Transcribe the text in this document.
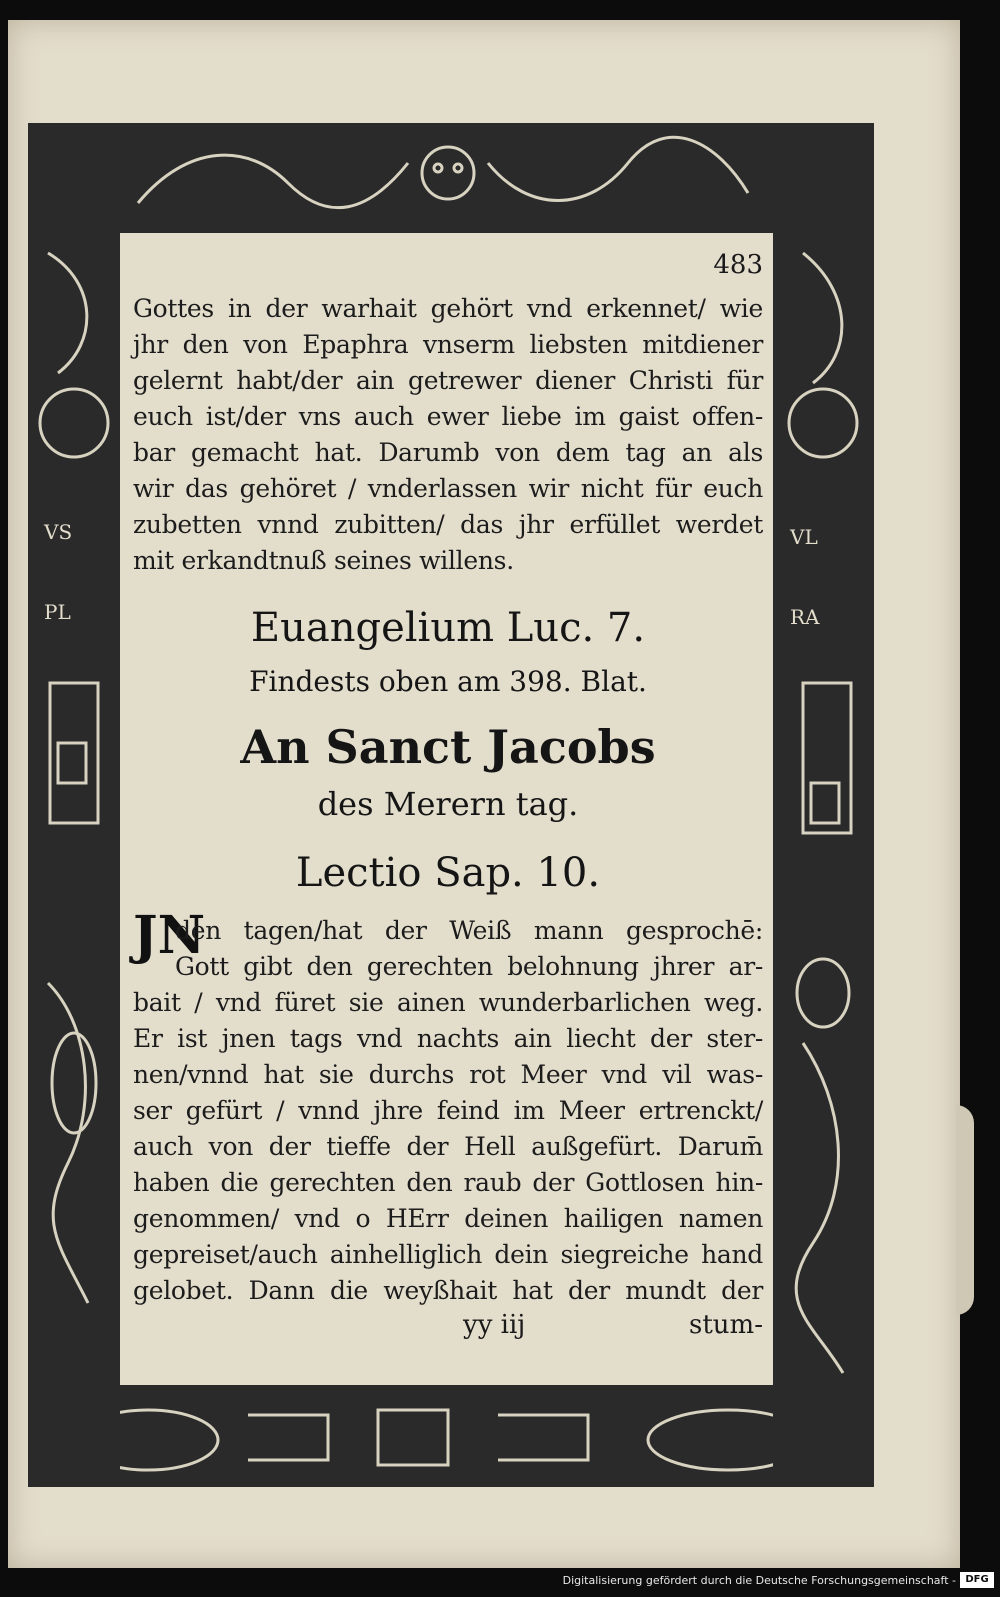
VS
PL
VL
RA
483
Gottes in der warhait gehört vnd erkennet/ wie
jhr den von Epaphra vnserm liebsten mitdiener
gelernt habt/der ain getrewer diener Christi für
euch ist/der vns auch ewer liebe im gaist offen-
bar gemacht hat. Darumb von dem tag an als
wir das gehöret / vnderlassen wir nicht für euch
zubetten vnnd zubitten/ das jhr erfüllet werdet
mit erkandtnuß seines willens.
Euangelium Luc. 7.
Findests oben am 398. Blat.
An Sanct Jacobs
des Merern tag.
Lectio Sap. 10.
JN
den tagen/hat der Weiß mann gesprochē:
Gott gibt den gerechten belohnung jhrer ar-
bait / vnd füret sie ainen wunderbarlichen weg.
Er ist jnen tags vnd nachts ain liecht der ster-
nen/vnnd hat sie durchs rot Meer vnd vil was-
ser gefürt / vnnd jhre feind im Meer ertrenckt/
auch von der tieffe der Hell außgefürt. Darum̄
haben die gerechten den raub der Gottlosen hin-
genommen/ vnd o HErr deinen hailigen namen
gepreiset/auch ainhelliglich dein siegreiche hand
gelobet. Dann die weyßhait hat der mundt der
yy iij	stum-
Digitalisierung gefördert durch die Deutsche Forschungsgemeinschaft - DFG
